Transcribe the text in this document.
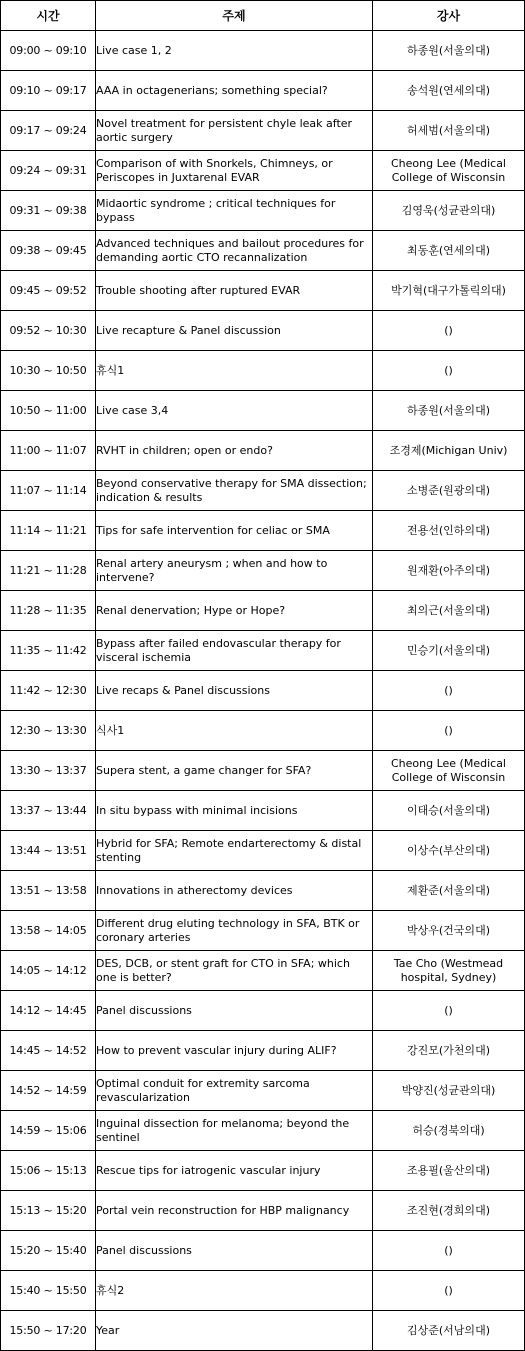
시간	주제	강사
09:00 ~ 09:10	Live case 1, 2	하종원(서울의대)
09:10 ~ 09:17	AAA in octagenerians; something special?	송석원(연세의대)
09:17 ~ 09:24	Novel treatment for persistent chyle leak after aortic surgery	허세범(서울의대)
09:24 ~ 09:31	Comparison of with Snorkels, Chimneys, or Periscopes in Juxtarenal EVAR	Cheong Lee (Medical College of Wisconsin
09:31 ~ 09:38	Midaortic syndrome ; critical techniques for bypass	김영욱(성균관의대)
09:38 ~ 09:45	Advanced techniques and bailout procedures for demanding aortic CTO recannalization	최동훈(연세의대)
09:45 ~ 09:52	Trouble shooting after ruptured EVAR	박기혁(대구가톨릭의대)
09:52 ~ 10:30	Live recapture & Panel discussion	()
10:30 ~ 10:50	휴식1	()
10:50 ~ 11:00	Live case 3,4	하종원(서울의대)
11:00 ~ 11:07	RVHT in children; open or endo?	조경제(Michigan Univ)
11:07 ~ 11:14	Beyond conservative therapy for SMA dissection; indication & results	소병준(원광의대)
11:14 ~ 11:21	Tips for safe intervention for celiac or SMA	전용선(인하의대)
11:21 ~ 11:28	Renal artery aneurysm ; when and how to intervene?	원재환(아주의대)
11:28 ~ 11:35	Renal denervation; Hype or Hope?	최의근(서울의대)
11:35 ~ 11:42	Bypass after failed endovascular therapy for visceral ischemia	민승기(서울의대)
11:42 ~ 12:30	Live recaps & Panel discussions	()
12:30 ~ 13:30	식사1	()
13:30 ~ 13:37	Supera stent, a game changer for SFA?	Cheong Lee (Medical College of Wisconsin
13:37 ~ 13:44	In situ bypass with minimal incisions	이태승(서울의대)
13:44 ~ 13:51	Hybrid for SFA; Remote endarterectomy & distal stenting	이상수(부산의대)
13:51 ~ 13:58	Innovations in atherectomy devices	제환준(서울의대)
13:58 ~ 14:05	Different drug eluting technology in SFA, BTK or coronary arteries	박상우(건국의대)
14:05 ~ 14:12	DES, DCB, or stent graft for CTO in SFA; which one is better?	Tae Cho (Westmead hospital, Sydney)
14:12 ~ 14:45	Panel discussions	()
14:45 ~ 14:52	How to prevent vascular injury during ALIF?	강진모(가천의대)
14:52 ~ 14:59	Optimal conduit for extremity sarcoma revascularization	박양진(성균관의대)
14:59 ~ 15:06	Inguinal dissection for melanoma; beyond the sentinel	허승(경북의대)
15:06 ~ 15:13	Rescue tips for iatrogenic vascular injury	조용필(울산의대)
15:13 ~ 15:20	Portal vein reconstruction for HBP malignancy	조진현(경희의대)
15:20 ~ 15:40	Panel discussions	()
15:40 ~ 15:50	휴식2	()
15:50 ~ 17:20	Year	김상준(서남의대)
